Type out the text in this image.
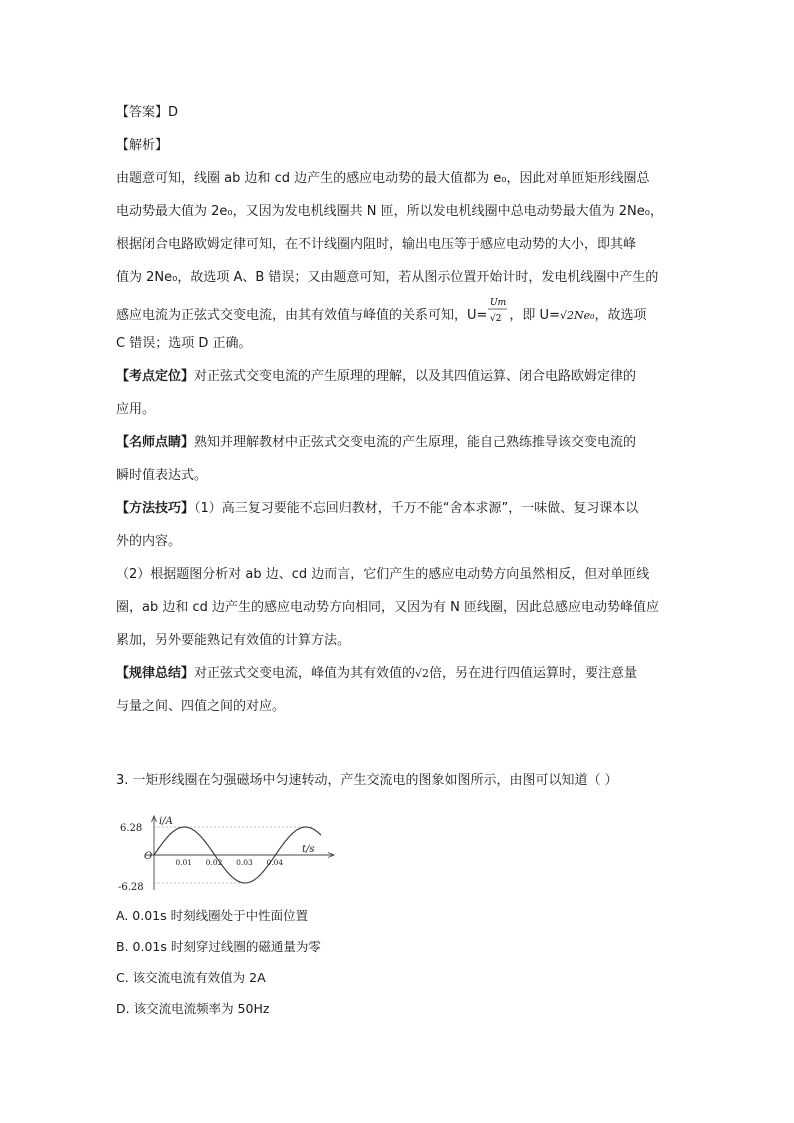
【答案】D
【解析】
由题意可知，线圈 ab 边和 cd 边产生的感应电动势的最大值都为 e₀，因此对单匝矩形线圈总
电动势最大值为 2e₀，又因为发电机线圈共 N 匝，所以发电机线圈中总电动势最大值为 2Ne₀，
根据闭合电路欧姆定律可知，在不计线圈内阻时，输出电压等于感应电动势的大小，即其峰
值为 2Ne₀，故选项 A、B 错误；又由题意可知，若从图示位置开始计时，发电机线圈中产生的
感应电流为正弦式交变电流，由其有效值与峰值的关系可知，U=
Um
√2 ，即 U=√2Ne₀，故选项
C 错误；选项 D 正确。
【考点定位】对正弦式交变电流的产生原理的理解，以及其四值运算、闭合电路欧姆定律的
应用。
【名师点睛】熟知并理解教材中正弦式交变电流的产生原理，能自己熟练推导该交变电流的
瞬时值表达式。
【方法技巧】（1）高三复习要能不忘回归教材，千万不能“舍本求源”，一味做、复习课本以
外的内容。
（2）根据题图分析对 ab 边、cd 边而言，它们产生的感应电动势方向虽然相反，但对单匝线
圈，ab 边和 cd 边产生的感应电动势方向相同，又因为有 N 匝线圈，因此总感应电动势峰值应
累加，另外要能熟记有效值的计算方法。
【规律总结】对正弦式交变电流，峰值为其有效值的√2倍，另在进行四值运算时，要注意量
与量之间、四值之间的对应。
3. 一矩形线圈在匀强磁场中匀速转动，产生交流电的图象如图所示，由图可以知道（ ）
i/A
t/s
O
6.28
-6.28
0.01 0.02 0.03 0.04
A. 0.01s 时刻线圈处于中性面位置
B. 0.01s 时刻穿过线圈的磁通量为零
C. 该交流电流有效值为 2A
D. 该交流电流频率为 50Hz
